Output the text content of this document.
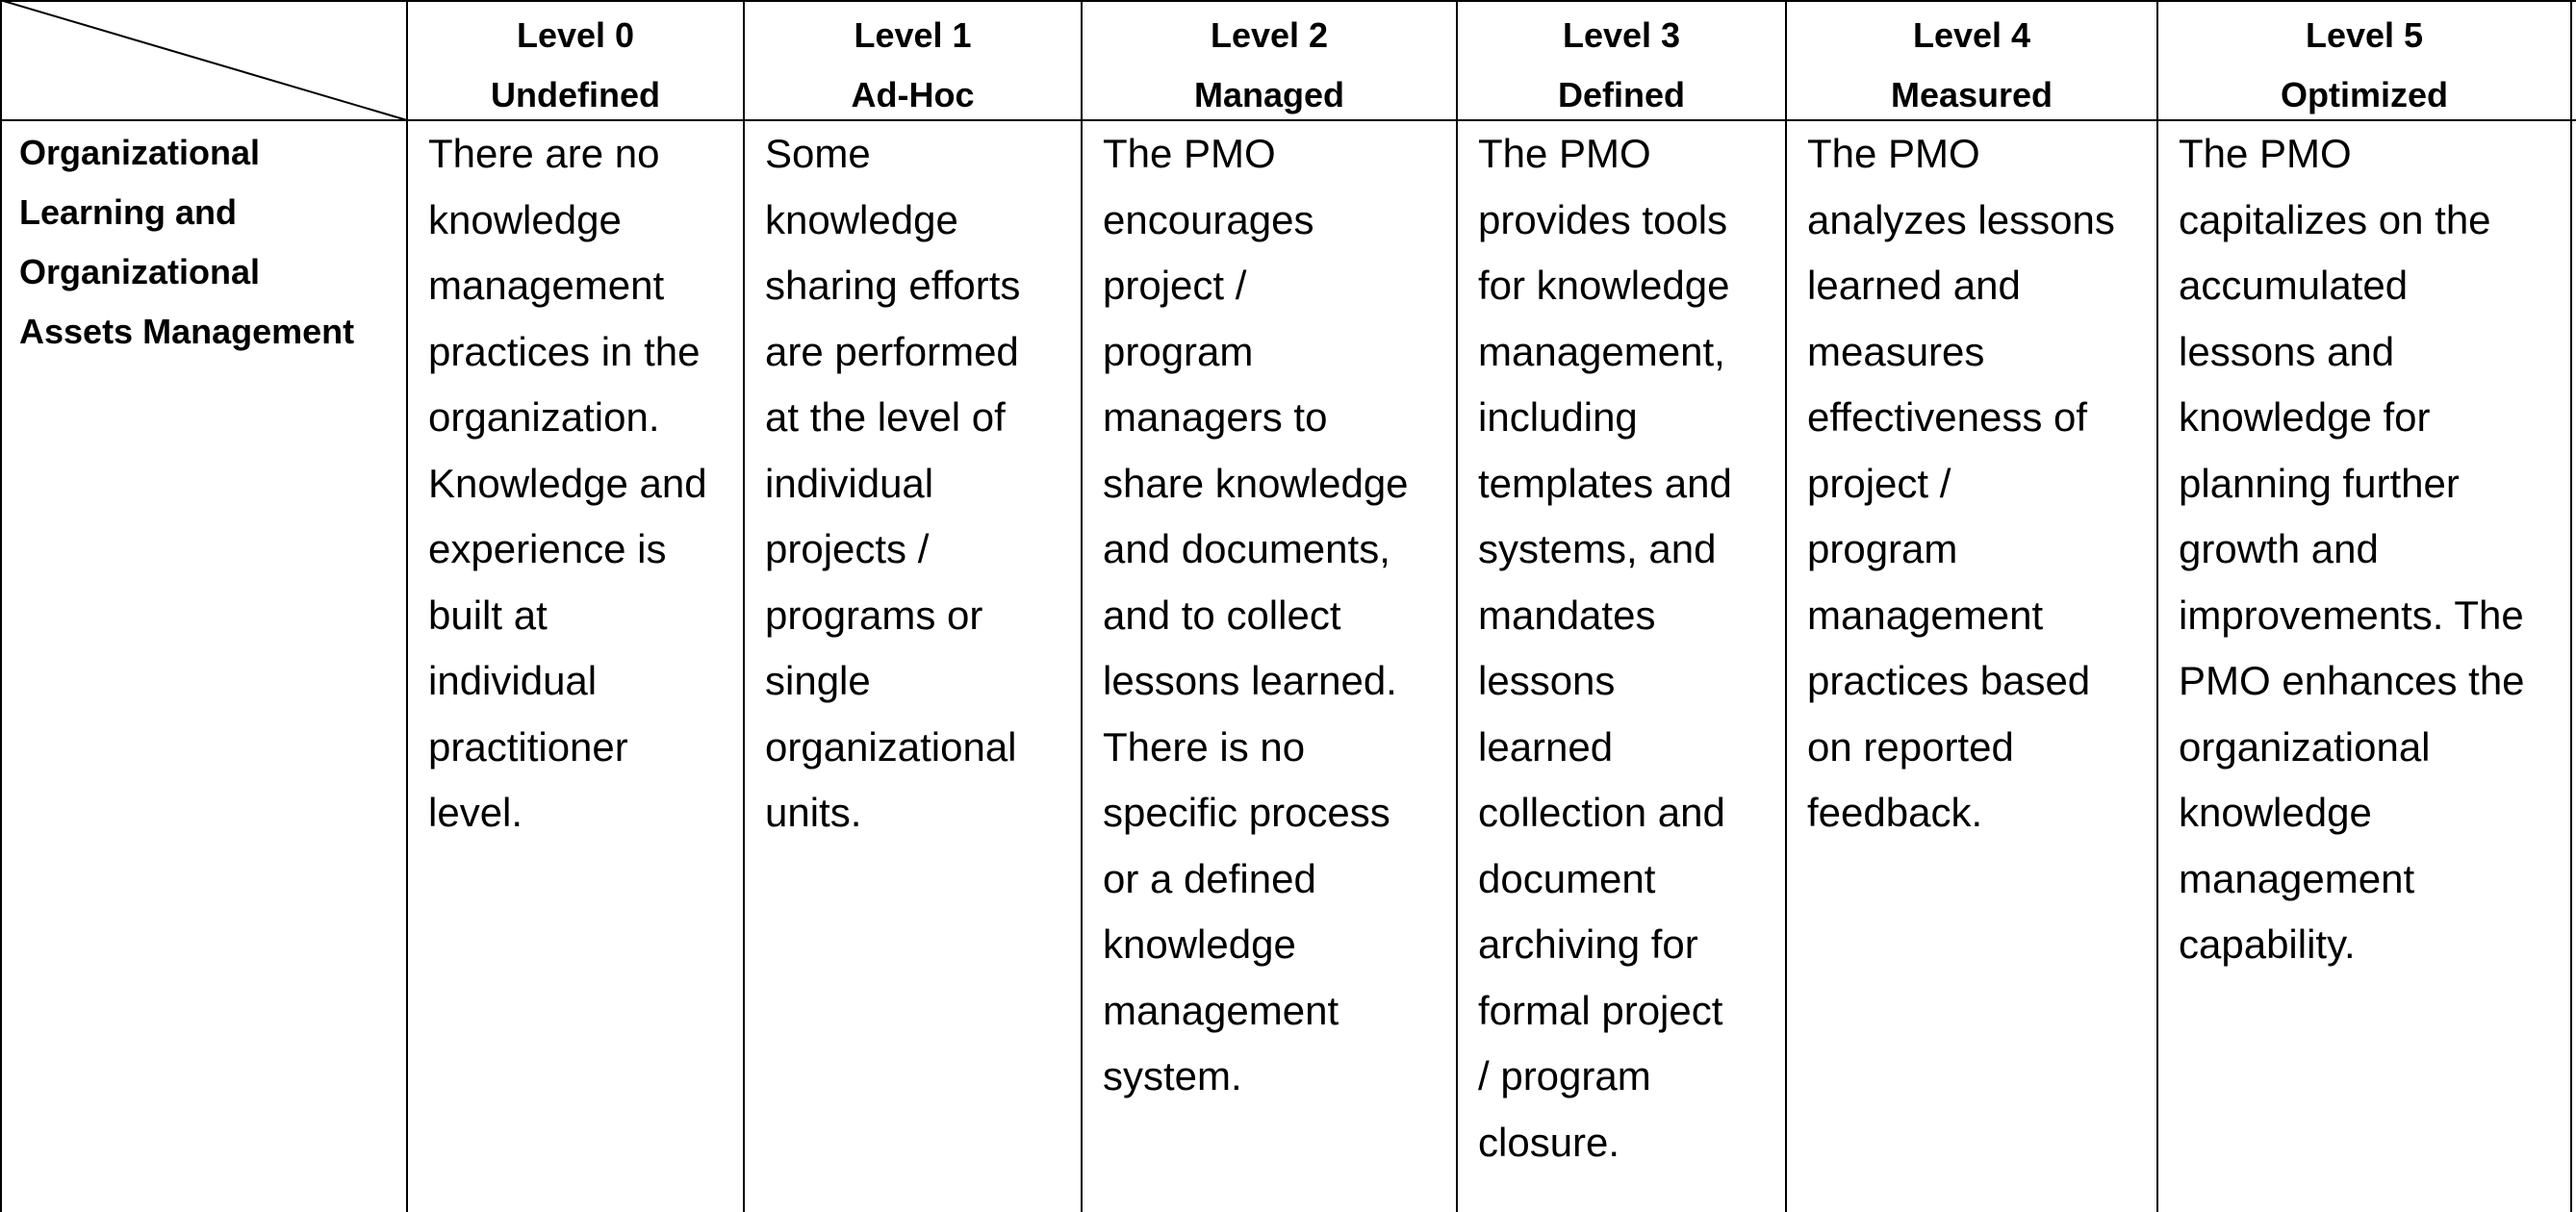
Level 0
Undefined
Level 1
Ad-Hoc
Level 2
Managed
Level 3
Defined
Level 4
Measured
Level 5
Optimized
Organizational
Learning and
Organizational
Assets Management
There are no
knowledge
management
practices in the
organization.
Knowledge and
experience is
built at
individual
practitioner
level.
Some
knowledge
sharing efforts
are performed
at the level of
individual
projects /
programs or
single
organizational
units.
The PMO
encourages
project /
program
managers to
share knowledge
and documents,
and to collect
lessons learned.
There is no
specific process
or a defined
knowledge
management
system.
The PMO
provides tools
for knowledge
management,
including
templates and
systems, and
mandates
lessons
learned
collection and
document
archiving for
formal project
/ program
closure.
The PMO
analyzes lessons
learned and
measures
effectiveness of
project /
program
management
practices based
on reported
feedback.
The PMO
capitalizes on the
accumulated
lessons and
knowledge for
planning further
growth and
improvements. The
PMO enhances the
organizational
knowledge
management
capability.
